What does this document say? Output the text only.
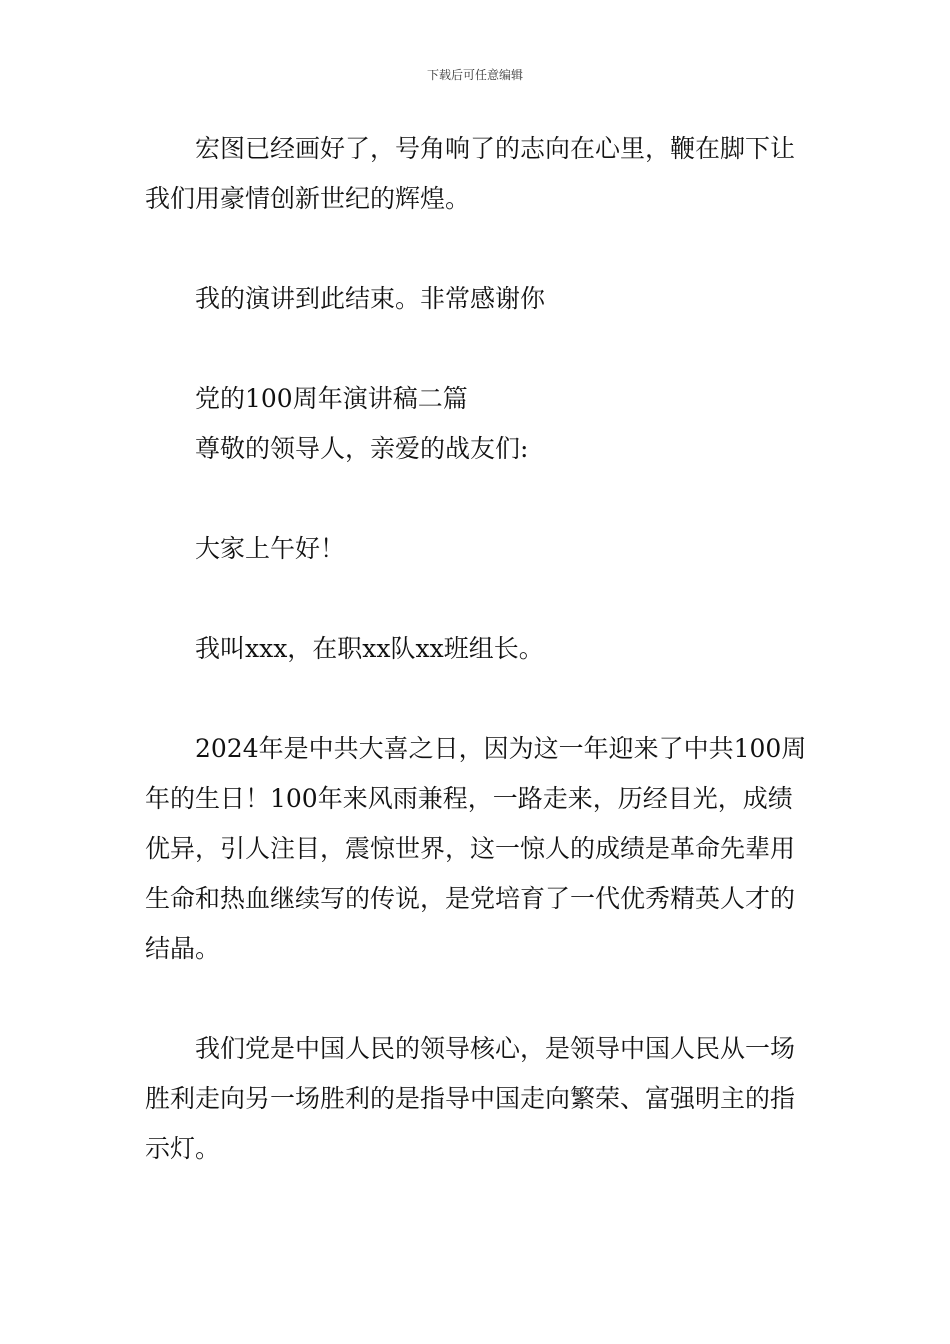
下载后可任意编辑

宏图已经画好了，号角响了的志向在心里，鞭在脚下让我们用豪情创新世纪的辉煌。

我的演讲到此结束。非常感谢你

党的100周年演讲稿二篇

尊敬的领导人，亲爱的战友们:

大家上午好！

我叫xxx，在职xx队xx班组长。

2024年是中共大喜之日，因为这一年迎来了中共100周年的生日！100年来风雨兼程，一路走来，历经目光，成绩优异，引人注目，震惊世界，这一惊人的成绩是革命先辈用生命和热血继续写的传说，是党培育了一代优秀精英人才的结晶。

我们党是中国人民的领导核心，是领导中国人民从一场胜利走向另一场胜利的是指导中国走向繁荣、富强明主的指示灯。
